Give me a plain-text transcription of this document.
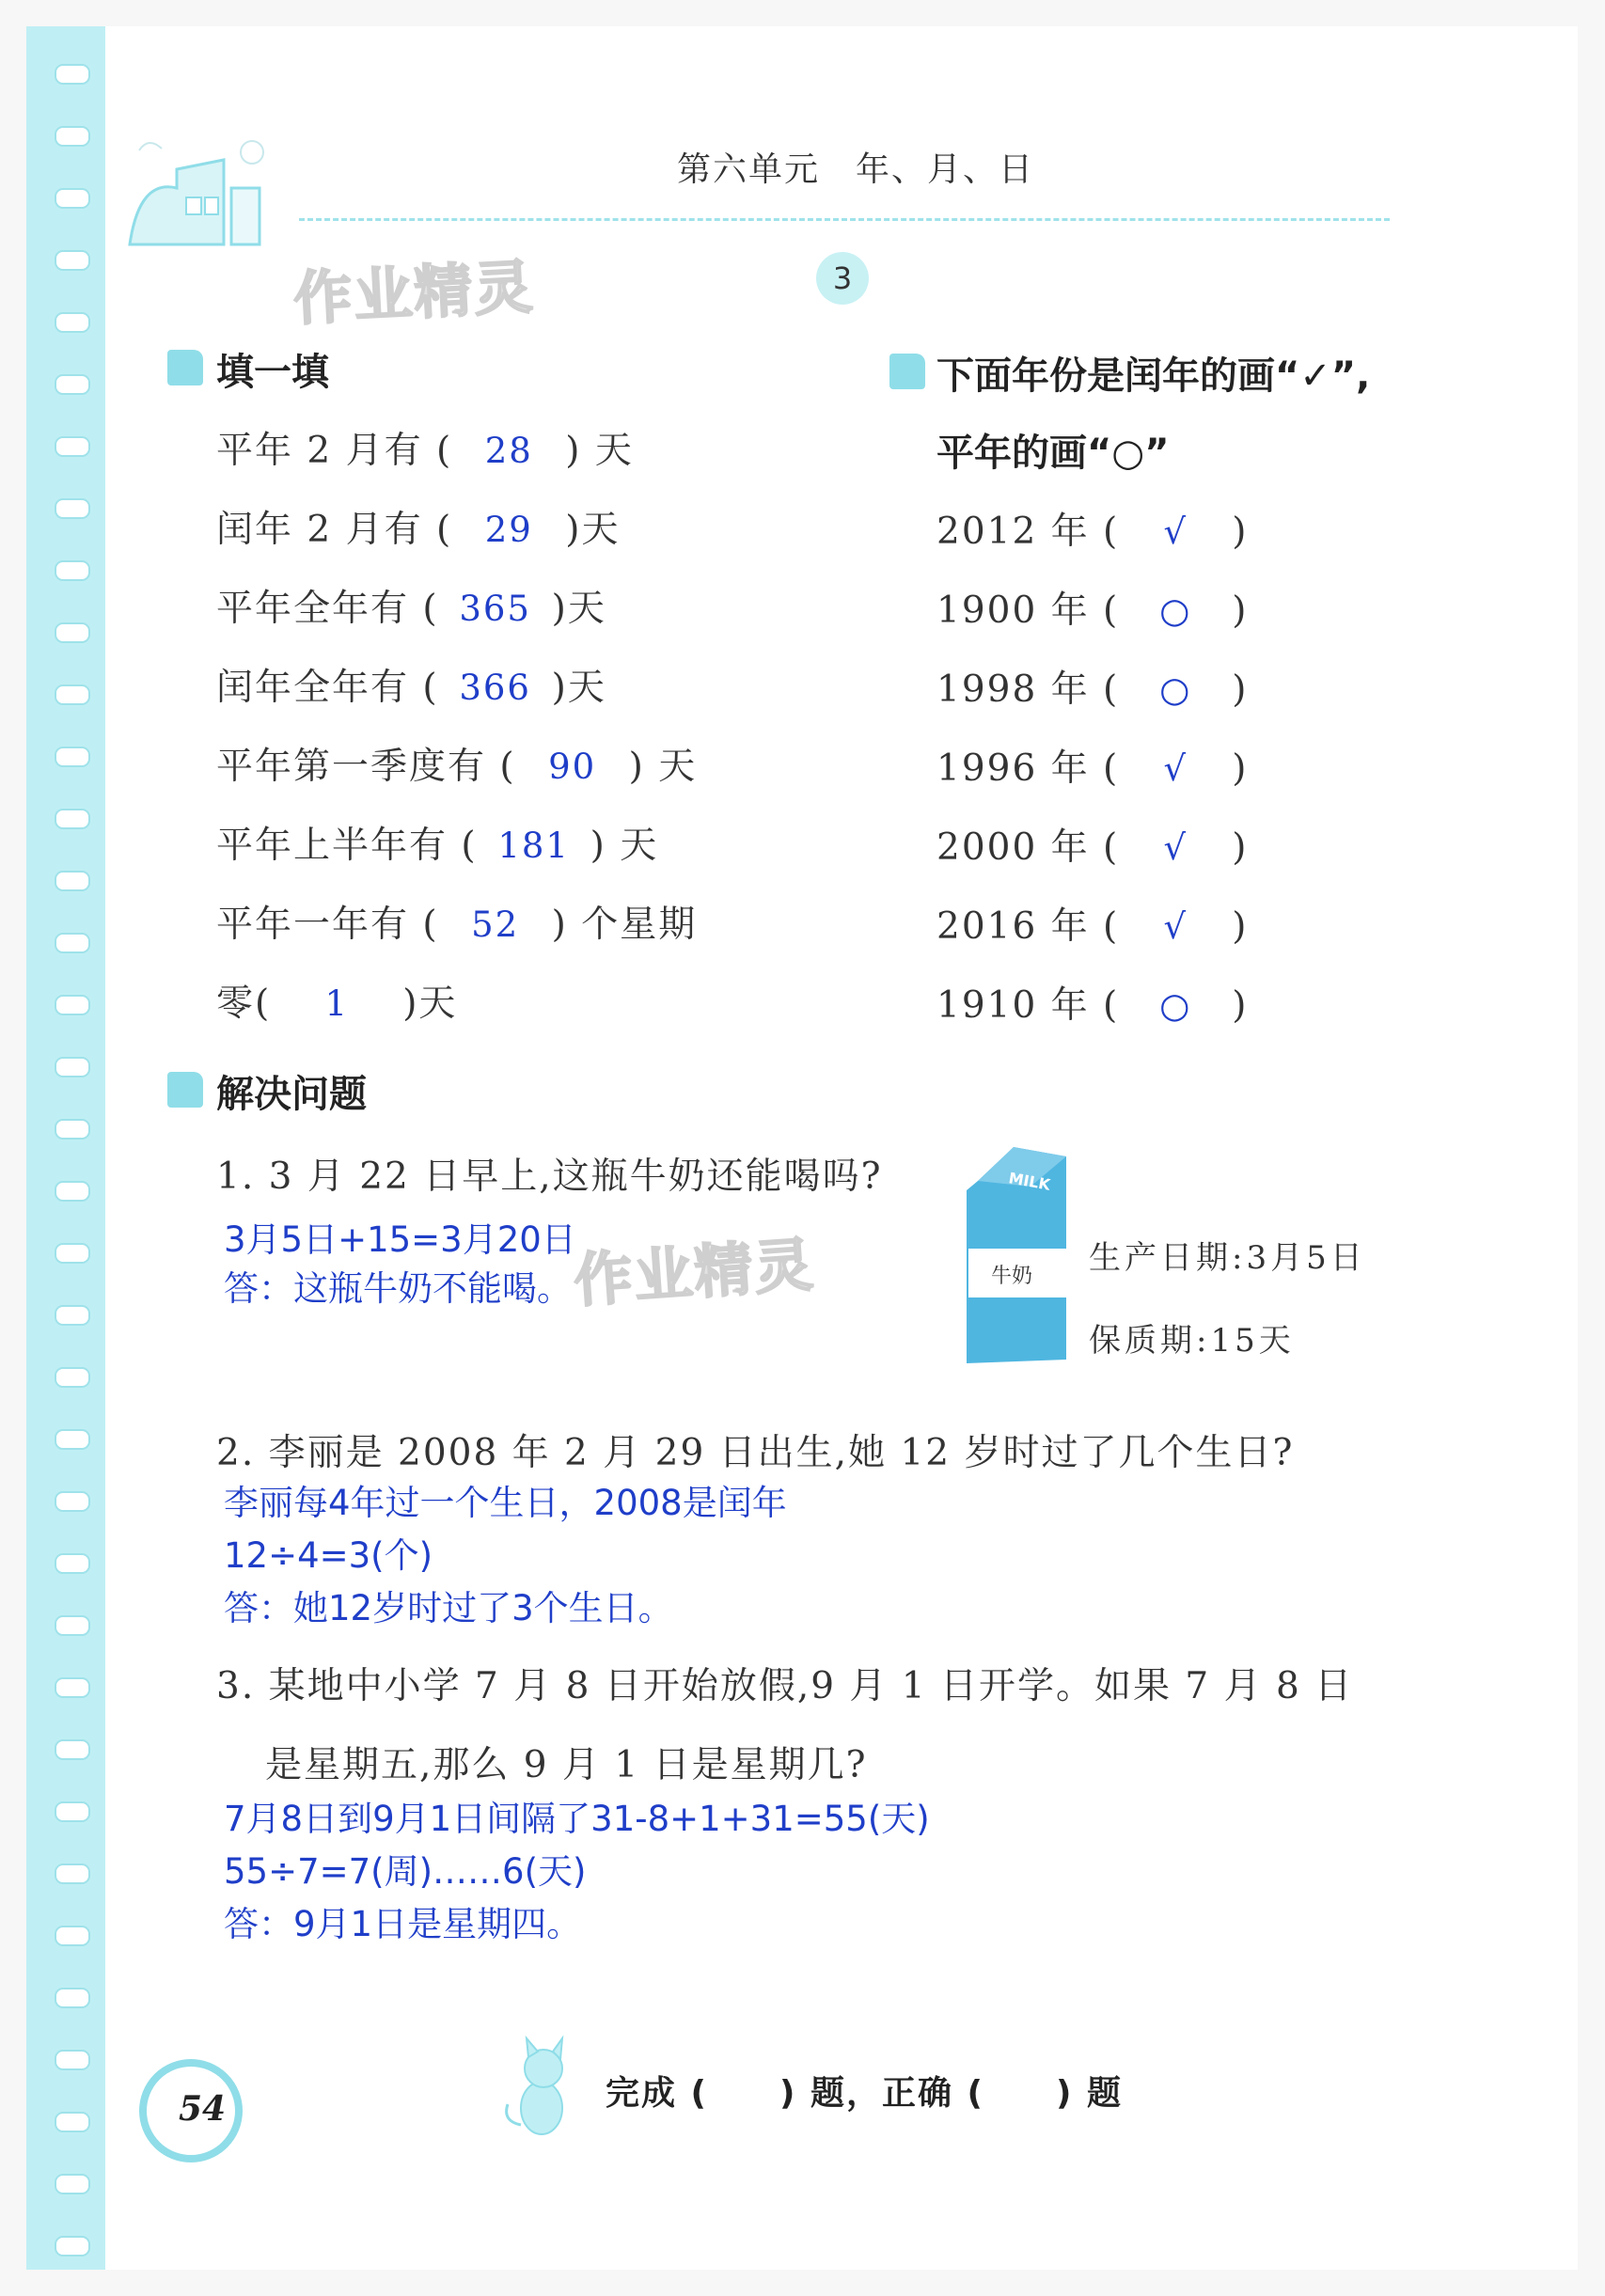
第六单元　年、月、日
3
作业精灵
填一填
平年 2 月有 ( 28 ) 天
闰年 2 月有 ( 29 )天
平年全年有 ( 365 )天
闰年全年有 ( 366 )天
平年第一季度有 ( 90 ) 天
平年上半年有 ( 181 ) 天
平年一年有 ( 52 ) 个星期
零( 1 )天
下面年份是闰年的画“✓”,
平年的画“○”
2012 年 ( √ )
1900 年 ( ○ )
1998 年 ( ○ )
1996 年 ( √ )
2000 年 ( √ )
2016 年 ( √ )
1910 年 ( ○ )
解决问题
1. 3 月 22 日早上,这瓶牛奶还能喝吗?
3月5日+15=3月20日
答：这瓶牛奶不能喝。 作业精灵
MILK
牛奶 生产日期:3月5日
保质期:15天
2. 李丽是 2008 年 2 月 29 日出生,她 12 岁时过了几个生日?
李丽每4年过一个生日，2008是闰年
12÷4=3(个)
答：她12岁时过了3个生日。
3. 某地中小学 7 月 8 日开始放假,9 月 1 日开学。如果 7 月 8 日
是星期五,那么 9 月 1 日是星期几?
7月8日到9月1日间隔了31-8+1+31=55(天)
55÷7=7(周)……6(天)
答：9月1日是星期四。
54	完成 (　　) 题，正确 (　　) 题
